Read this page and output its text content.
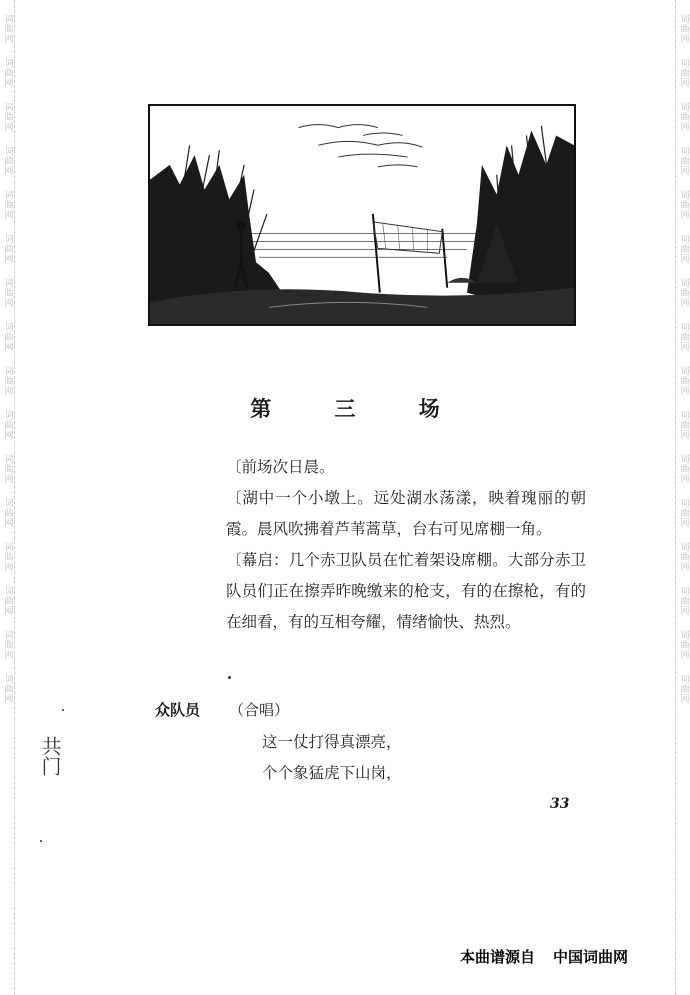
词曲网
词曲网
词曲网
词曲网
词曲网
词曲网
词曲网
词曲网
词曲网
词曲网
词曲网
词曲网
词曲网
词曲网
词曲网
词曲网
词曲网
词曲网
词曲网
词曲网
词曲网
词曲网
词曲网
词曲网
词曲网
词曲网
词曲网
词曲网
词曲网
词曲网
词曲网
词曲网
第 三 场

〔前场次日晨。

〔湖中一个小墩上。远处湖水荡漾，映着瑰丽的朝霞。晨风吹拂着芦苇蒿草，台右可见席棚一角。

〔幕启：几个赤卫队员在忙着架设席棚。大部分赤卫队员们正在擦弄昨晚缴来的枪支，有的在擦枪，有的在细看，有的互相夸耀，情绪愉快、热烈。

众队员 （合唱）
这一仗打得真漂亮，
个个象猛虎下山岗，
33
共门
本曲谱源自 中国词曲网
